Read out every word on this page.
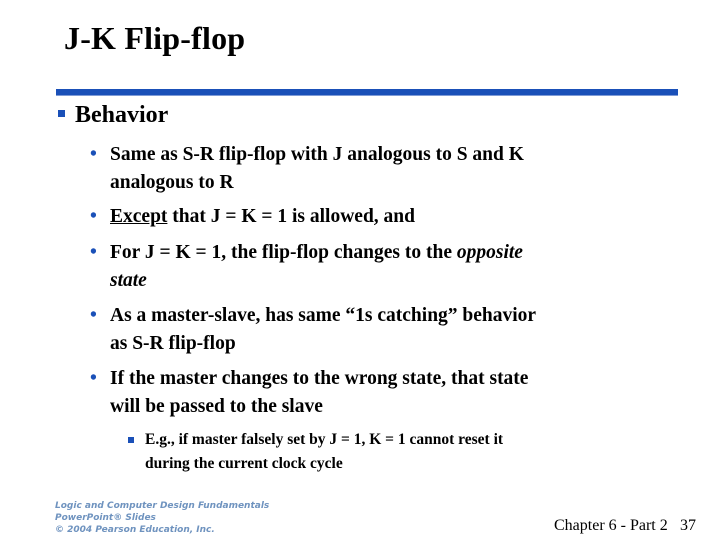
J-K Flip-flop
Behavior
• Same as S-R flip-flop with J analogous to S and K
analogous to R
• Except that J = K = 1 is allowed, and
• For J = K = 1, the flip-flop changes to the opposite
state
• As a master-slave, has same “1s catching” behavior
as S-R flip-flop
• If the master changes to the wrong state, that state
will be passed to the slave
E.g., if master falsely set by J = 1, K = 1 cannot reset it
during the current clock cycle
Logic and Computer Design Fundamentals
PowerPoint® Slides
© 2004 Pearson Education, Inc.	Chapter 6 - Part 2 37
